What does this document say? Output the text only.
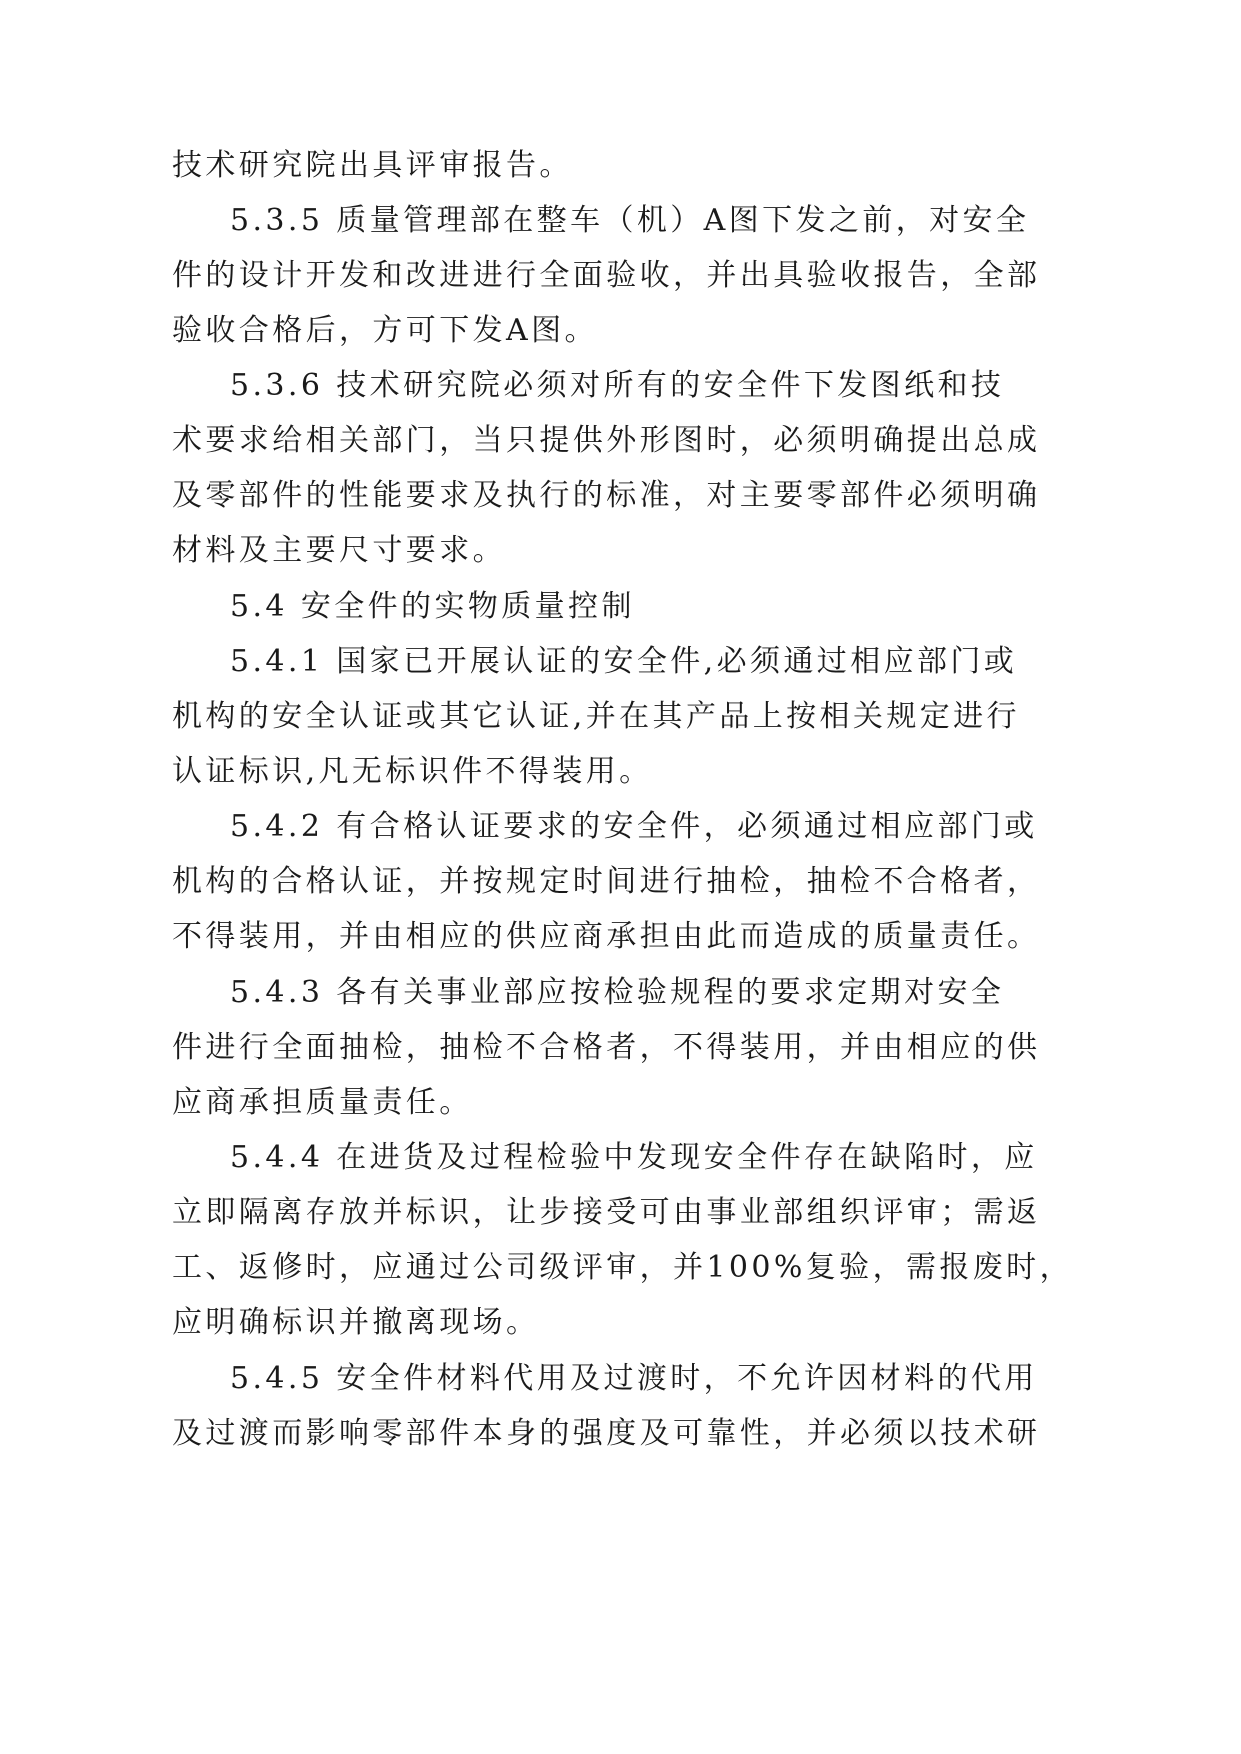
技术研究院出具评审报告。

5.3.5 质量管理部在整车（机）A图下发之前，对安全

件的设计开发和改进进行全面验收，并出具验收报告，全部

验收合格后，方可下发A图。

5.3.6 技术研究院必须对所有的安全件下发图纸和技

术要求给相关部门，当只提供外形图时，必须明确提出总成

及零部件的性能要求及执行的标准，对主要零部件必须明确

材料及主要尺寸要求。

5.4 安全件的实物质量控制

5.4.1 国家已开展认证的安全件,必须通过相应部门或

机构的安全认证或其它认证,并在其产品上按相关规定进行

认证标识,凡无标识件不得装用。

5.4.2 有合格认证要求的安全件，必须通过相应部门或

机构的合格认证，并按规定时间进行抽检，抽检不合格者，

不得装用，并由相应的供应商承担由此而造成的质量责任。

5.4.3 各有关事业部应按检验规程的要求定期对安全

件进行全面抽检，抽检不合格者，不得装用，并由相应的供

应商承担质量责任。

5.4.4 在进货及过程检验中发现安全件存在缺陷时，应

立即隔离存放并标识，让步接受可由事业部组织评审；需返

工、返修时，应通过公司级评审，并100%复验，需报废时，

应明确标识并撤离现场。

5.4.5 安全件材料代用及过渡时，不允许因材料的代用

及过渡而影响零部件本身的强度及可靠性，并必须以技术研
